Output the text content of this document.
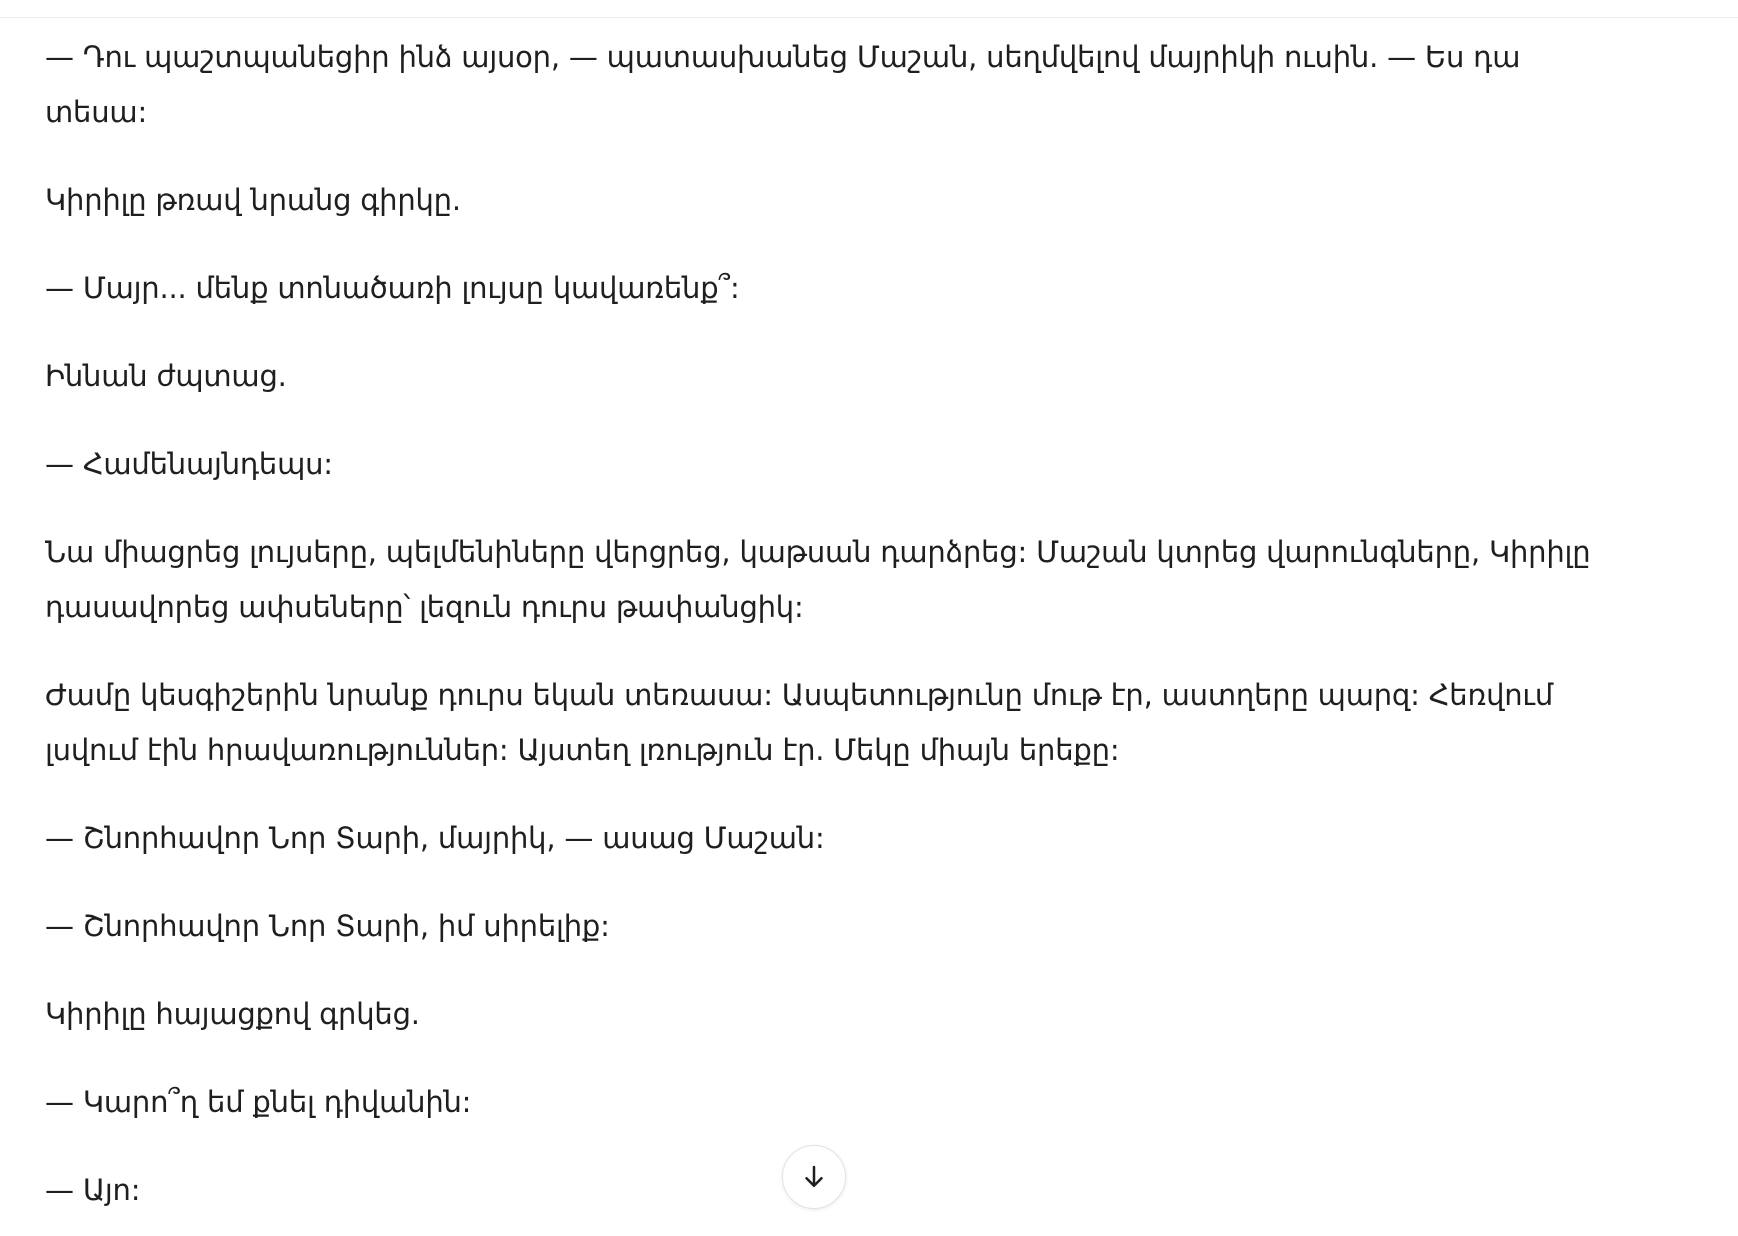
— Դու պաշտպանեցիր ինձ այսօր, — պատասխանեց Մաշան, սեղմվելով մայրիկի ուսին. — Ես դա տեսա:

Կիրիլը թռավ նրանց գիրկը.

— Մայր... մենք տոնածառի լույսը կավառենք՞:

Իննան ժպտաց.

— Համենայնդեպս:

Նա միացրեց լույսերը, պելմենիները վերցրեց, կաթսան դարձրեց: Մաշան կտրեց վարունգները, Կիրիլը դասավորեց ափսեները՝ լեզուն դուրս թափանցիկ:

Ժամը կեսգիշերին նրանք դուրս եկան տեռասա: Ասպետությունը մութ էր, աստղերը պարզ: Հեռվում լսվում էին հրավառություններ: Այստեղ լռություն էր. Մեկը միայն երեքը:

— Շնորհավոր Նոր Տարի, մայրիկ, — ասաց Մաշան:

— Շնորհավոր Նոր Տարի, իմ սիրելիք:

Կիրիլը հայացքով գրկեց.

— Կարո՞ղ եմ քնել դիվանին:

— Այո:
